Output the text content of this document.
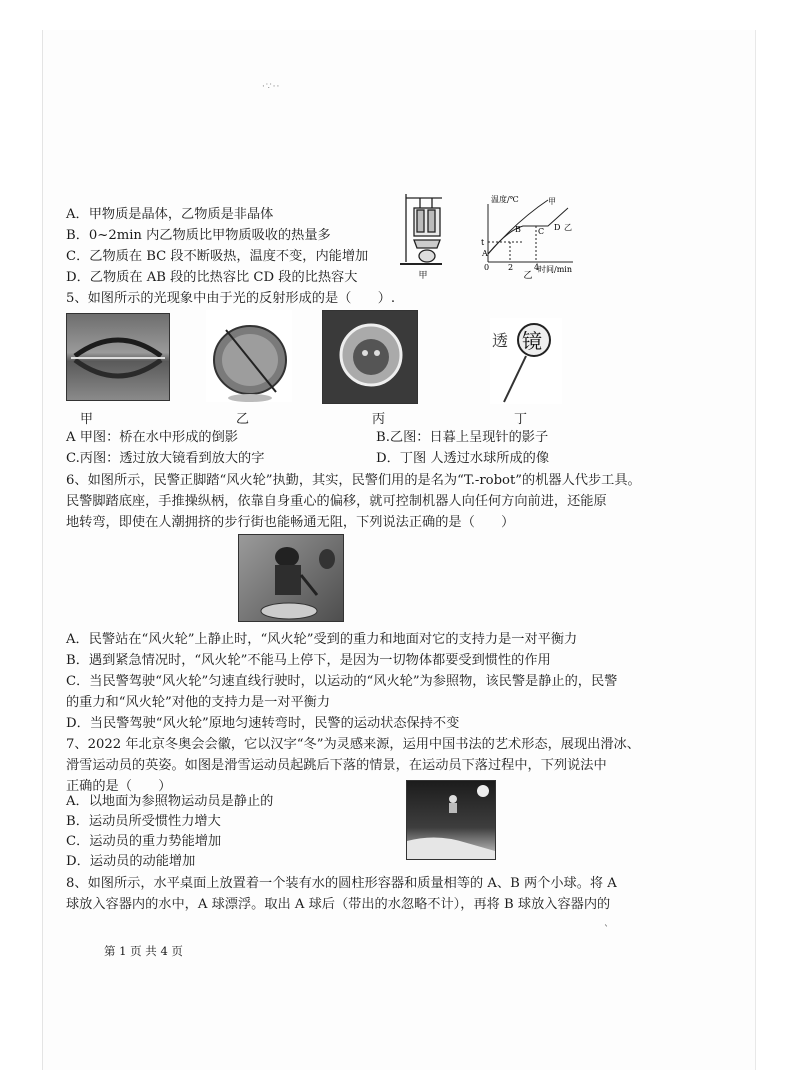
·∵··
A．甲物质是晶体，乙物质是非晶体
B．0~2min 内乙物质比甲物质吸收的热量多
C．乙物质在 BC 段不断吸热，温度不变，内能增加
D．乙物质在 AB 段的比热容比 CD 段的比热容大	甲
温度/℃
时间/min
t
0 2	4
甲
乙
A
B C D
乙
5、如图所示的光现象中由于光的反射形成的是（　　）.
透 镜
甲	乙	丙	丁
A 甲图：桥在水中形成的倒影	B.乙图：日暮上呈现针的影子
C.丙图：透过放大镜看到放大的字	D．丁图 人透过水球所成的像
6、如图所示，民警正脚踏“风火轮”执勤，其实，民警们用的是名为“T.-robot”的机器人代步工具。
民警脚踏底座，手推操纵柄，依靠自身重心的偏移，就可控制机器人向任何方向前进，还能原
地转弯，即使在人潮拥挤的步行街也能畅通无阻，下列说法正确的是（　　）
A．民警站在“风火轮”上静止时，“风火轮”受到的重力和地面对它的支持力是一对平衡力
B．遇到紧急情况时，“风火轮”不能马上停下，是因为一切物体都要受到惯性的作用
C．当民警驾驶“风火轮”匀速直线行驶时，以运动的“风火轮”为参照物，该民警是静止的，民警
的重力和“风火轮”对他的支持力是一对平衡力
D．当民警驾驶“风火轮”原地匀速转弯时，民警的运动状态保持不变
7、2022 年北京冬奥会会徽，它以汉字“冬”为灵感来源，运用中国书法的艺术形态，展现出滑冰、
滑雪运动员的英姿。如图是滑雪运动员起跳后下落的情景，在运动员下落过程中，下列说法中
正确的是（　　）
A．以地面为参照物运动员是静止的
B．运动员所受惯性力增大
C．运动员的重力势能增加
D．运动员的动能增加
8、如图所示，水平桌面上放置着一个装有水的圆柱形容器和质量相等的 A、B 两个小球。将 A
球放入容器内的水中，A 球漂浮。取出 A 球后（带出的水忽略不计），再将 B 球放入容器内的
`
第 1 页 共 4 页
